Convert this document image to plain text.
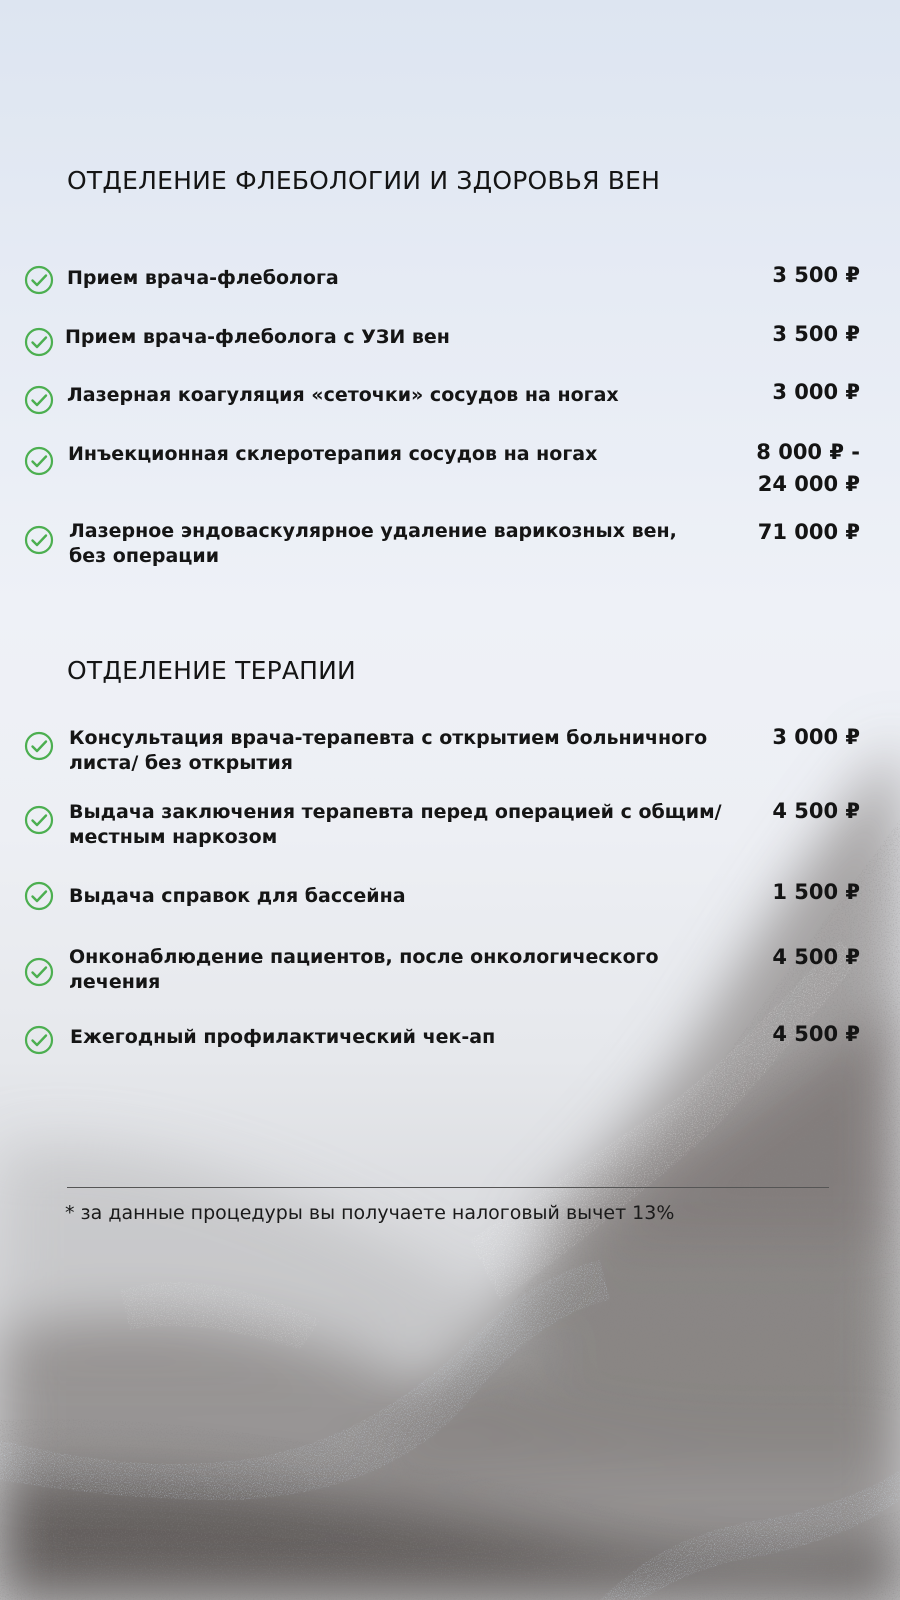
ОТДЕЛЕНИЕ ФЛЕБОЛОГИИ И ЗДОРОВЬЯ ВЕН
Прием врача-флеболога	3 500 ₽
Прием врача-флеболога с УЗИ вен	3 500 ₽
Лазерная коагуляция «сеточки» сосудов на ногах	3 000 ₽
Инъекционная склеротерапия сосудов на ногах	8 000 ₽ -
24 000 ₽
Лазерное эндоваскулярное удаление варикозных вен,
без операции
71 000 ₽
ОТДЕЛЕНИЕ ТЕРАПИИ
Консультация врача-терапевта с открытием больничного
листа/ без открытия
3 000 ₽
Выдача заключения терапевта перед операцией с общим/
местным наркозом
4 500 ₽
Выдача справок для бассейна	1 500 ₽
Онконаблюдение пациентов, после онкологического
лечения
4 500 ₽
Ежегодный профилактический чек-ап	4 500 ₽
* за данные процедуры вы получаете налоговый вычет 13%
